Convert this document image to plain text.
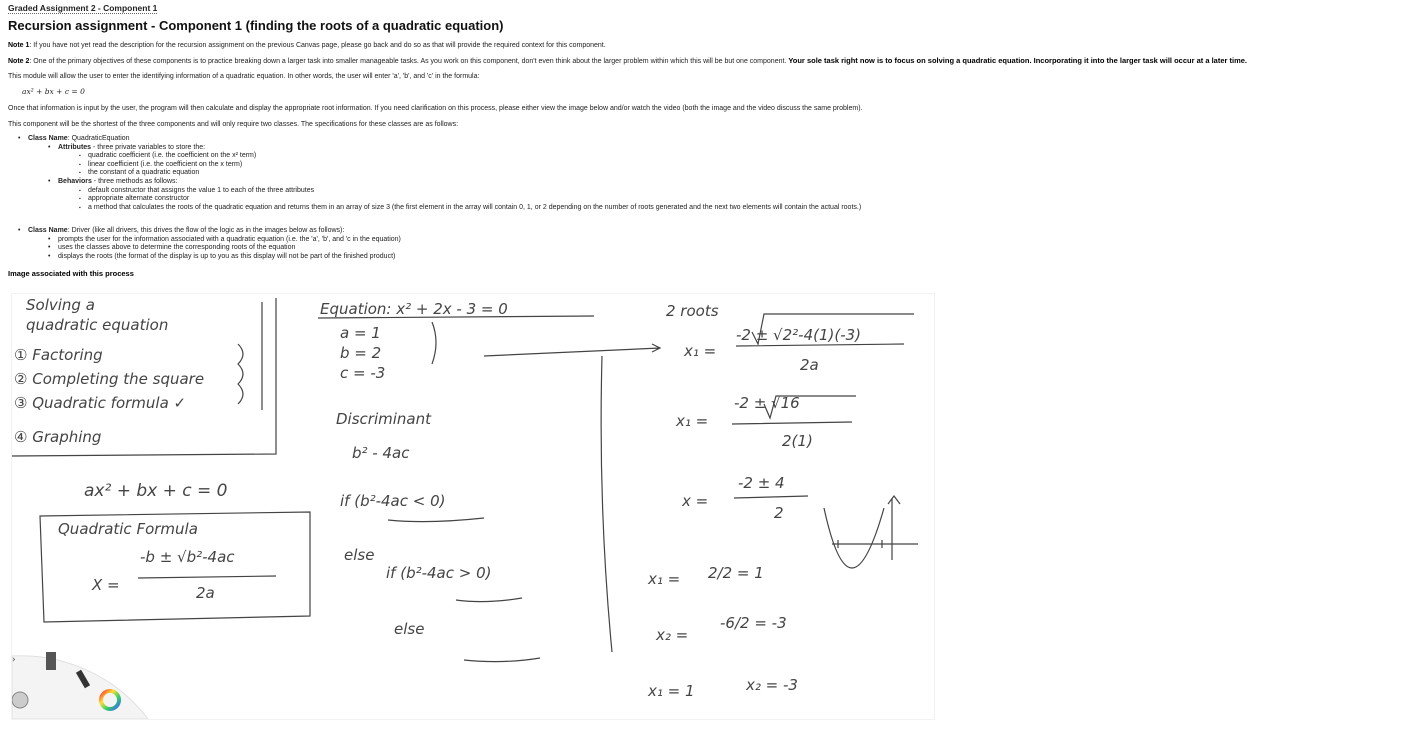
Graded Assignment 2 - Component 1
Recursion assignment - Component 1 (finding the roots of a quadratic equation)
Note 1: If you have not yet read the description for the recursion assignment on the previous Canvas page, please go back and do so as that will provide the required context for this component.
Note 2: One of the primary objectives of these components is to practice breaking down a larger task into smaller manageable tasks. As you work on this component, don't even think about the larger problem within which this will be but one component. Your sole task right now is to focus on solving a quadratic equation. Incorporating it into the larger task will occur at a later time.
This module will allow the user to enter the identifying information of a quadratic equation. In other words, the user will enter 'a', 'b', and 'c' in the formula:
ax² + bx + c = 0
Once that information is input by the user, the program will then calculate and display the appropriate root information. If you need clarification on this process, please either view the image below and/or watch the video (both the image and the video discuss the same problem).
This component will be the shortest of the three components and will only require two classes. The specifications for these classes are as follows:
• Class Name: QuadraticEquation
• Attributes - three private variables to store the:
▪ quadratic coefficient (i.e. the coefficient on the x² term)
▪ linear coefficient (i.e. the coefficient on the x term)
▪ the constant of a quadratic equation
• Behaviors - three methods as follows:
▪ default constructor that assigns the value 1 to each of the three attributes
▪ appropriate alternate constructor
▪ a method that calculates the roots of the quadratic equation and returns them in an array of size 3 (the first element in the array will contain 0, 1, or 2 depending on the number of roots generated and the next two elements will contain the actual roots.)
• Class Name: Driver (like all drivers, this drives the flow of the logic as in the images below as follows):
• prompts the user for the information associated with a quadratic equation (i.e. the 'a', 'b', and 'c in the equation)
• uses the classes above to determine the corresponding roots of the equation
• displays the roots (the format of the display is up to you as this display will not be part of the finished product)
Image associated with this process
Solving a
quadratic equation
① Factoring
② Completing the square
③ Quadratic formula ✓
④ Graphing
ax² + bx + c = 0
Quadratic Formula
X =
-b ± √b²-4ac
2a
Equation: x² + 2x - 3 = 0
a = 1
b = 2
c = -3
Discriminant
b² - 4ac
if (b²-4ac < 0)
else
if (b²-4ac > 0)
else
2 roots
x₁ =
-2 ± √2²-4(1)(-3)
2a
x₁ =
-2 ± √16
2(1)
x =
-2 ± 4
2
x₁ = 2/2 = 1
x₂ =
-6/2 = -3
x₁ = 1	x₂ = -3
›
